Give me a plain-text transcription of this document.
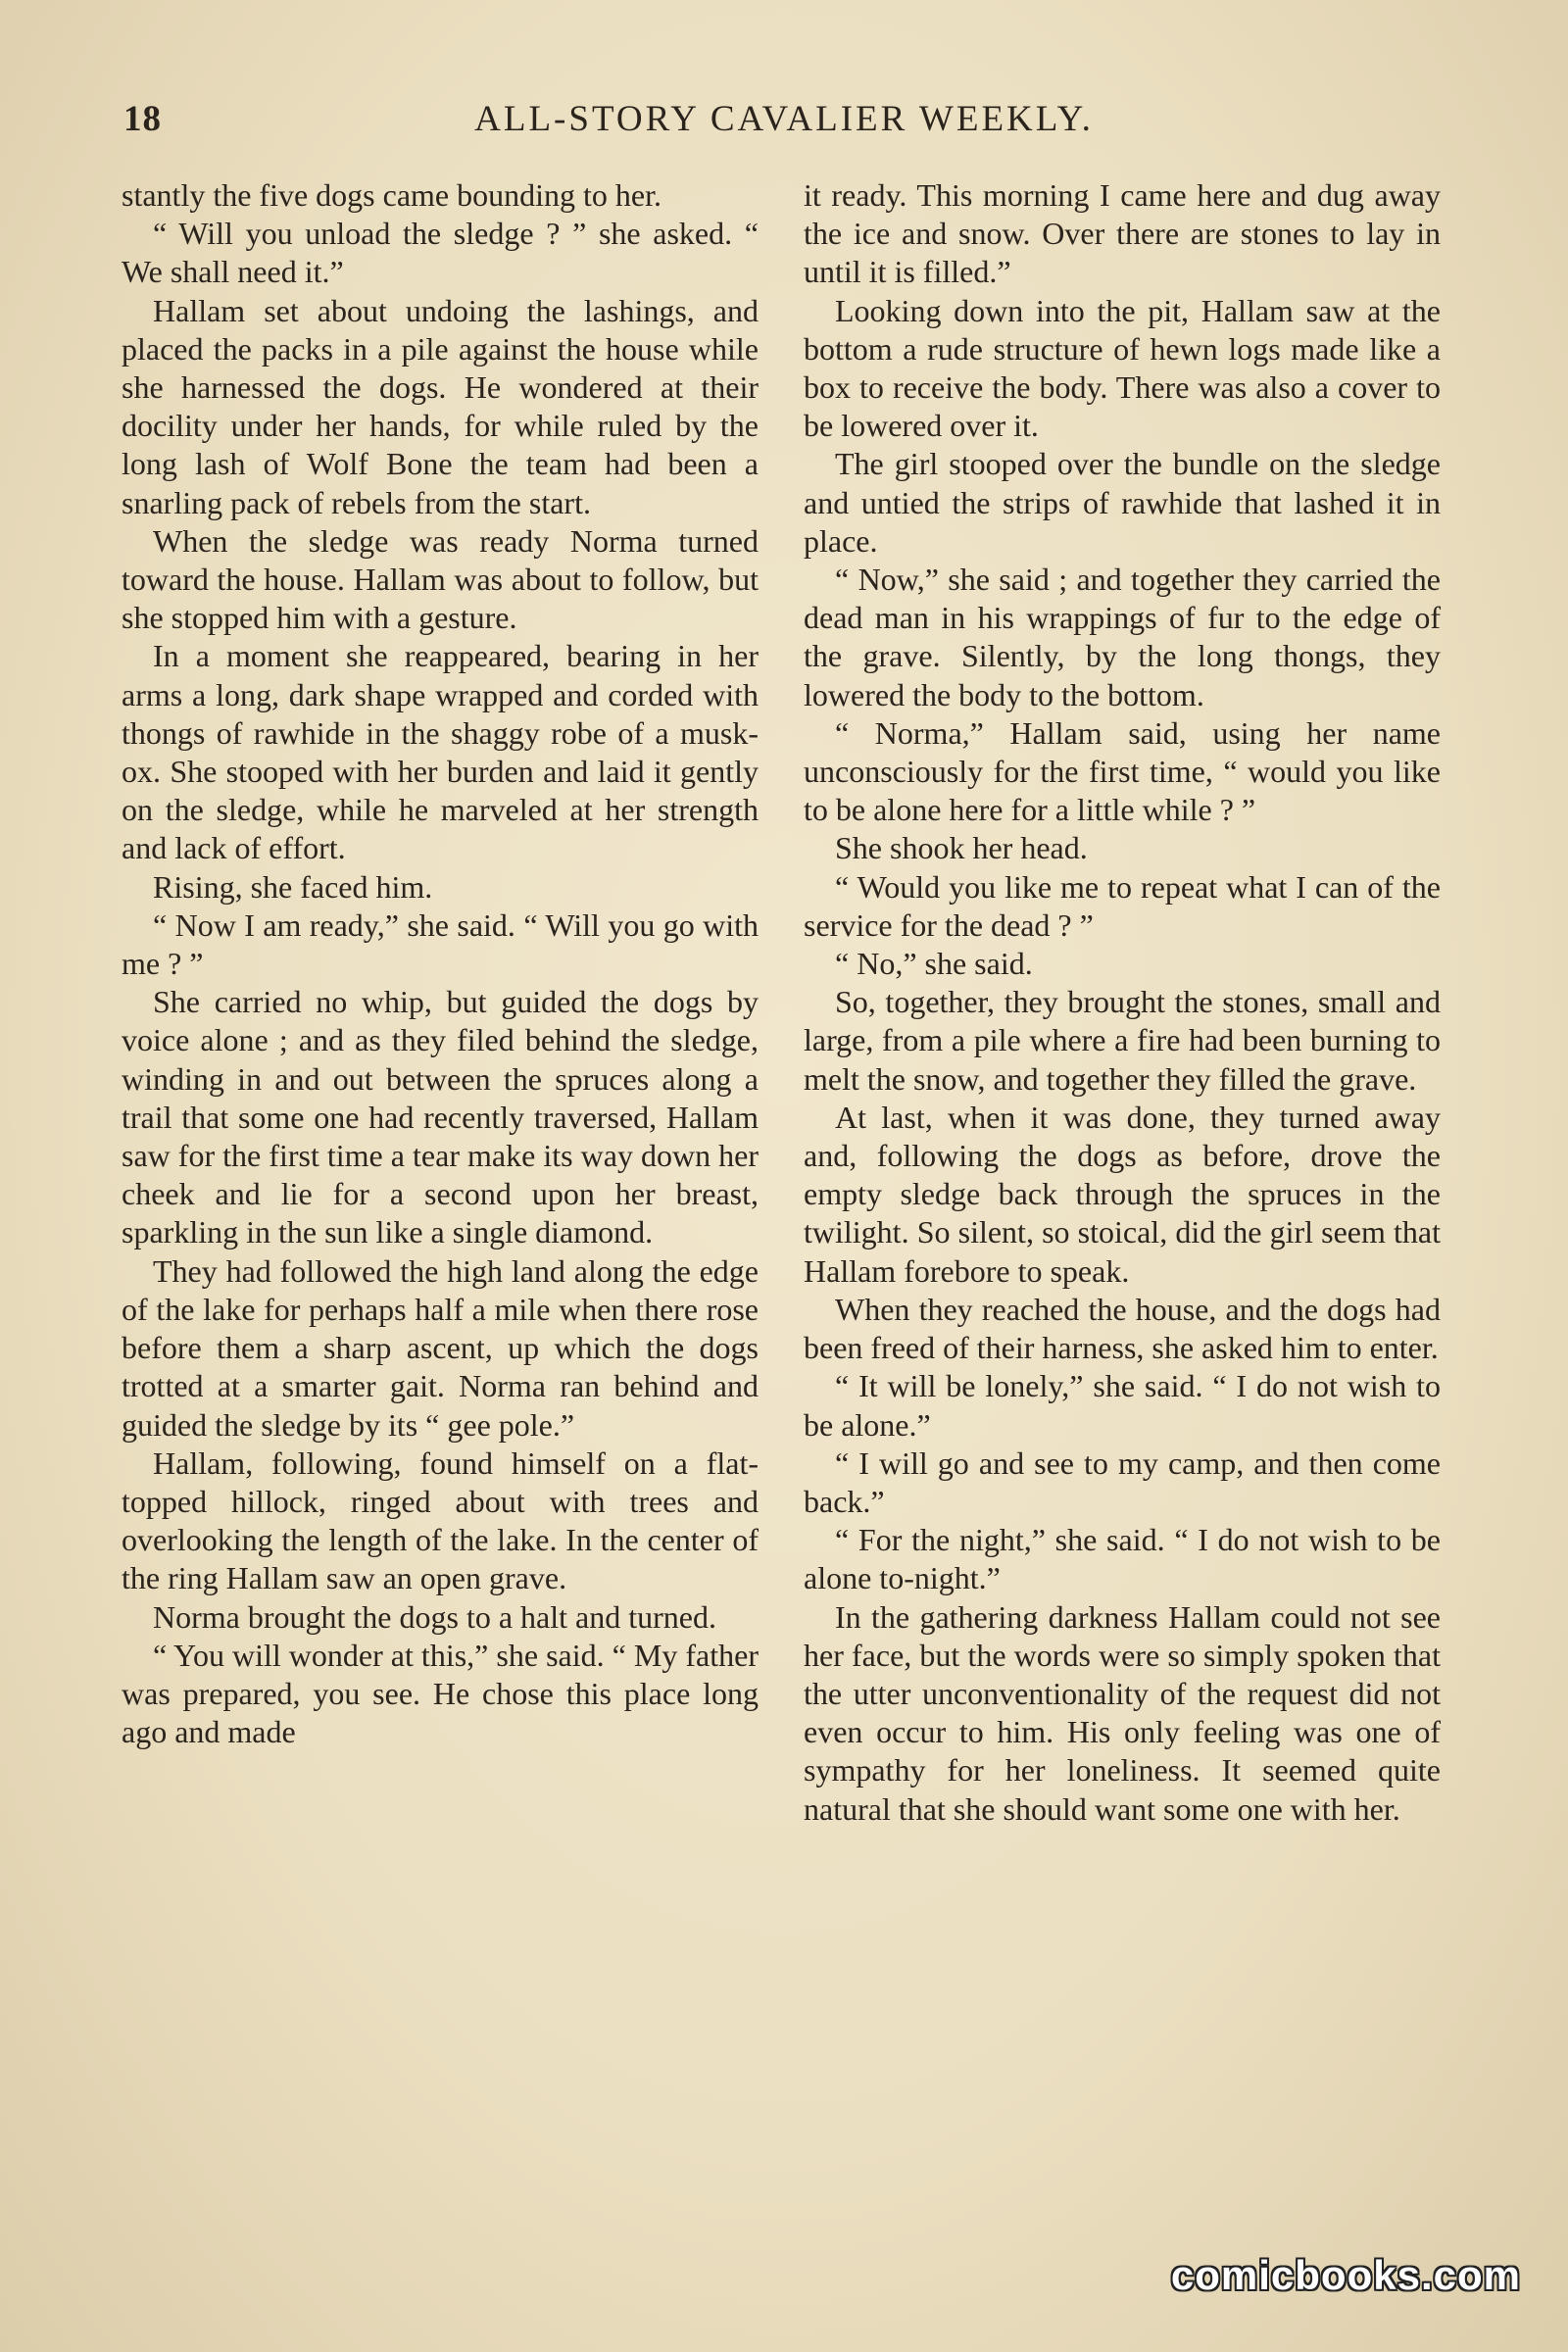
18	ALL-STORY CAVALIER WEEKLY.

stantly the five dogs came bounding to her.

“ Will you unload the sledge ? ” she asked. “ We shall need it.”

Hallam set about undoing the lashings, and placed the packs in a pile against the house while she harnessed the dogs. He wondered at their docility under her hands, for while ruled by the long lash of Wolf Bone the team had been a snarling pack of rebels from the start.

When the sledge was ready Norma turned toward the house. Hallam was about to follow, but she stopped him with a gesture.

In a moment she reappeared, bearing in her arms a long, dark shape wrapped and corded with thongs of rawhide in the shaggy robe of a musk-ox. She stooped with her burden and laid it gently on the sledge, while he marveled at her strength and lack of effort.

Rising, she faced him.

“ Now I am ready,” she said. “ Will you go with me ? ”

She carried no whip, but guided the dogs by voice alone ; and as they filed behind the sledge, winding in and out between the spruces along a trail that some one had recently traversed, Hallam saw for the first time a tear make its way down her cheek and lie for a second upon her breast, sparkling in the sun like a single diamond.

They had followed the high land along the edge of the lake for perhaps half a mile when there rose before them a sharp ascent, up which the dogs trotted at a smarter gait. Norma ran behind and guided the sledge by its “ gee pole.”

Hallam, following, found himself on a flat-topped hillock, ringed about with trees and overlooking the length of the lake. In the center of the ring Hallam saw an open grave.

Norma brought the dogs to a halt and turned.

“ You will wonder at this,” she said. “ My father was prepared, you see. He chose this place long ago and made

it ready. This morning I came here and dug away the ice and snow. Over there are stones to lay in until it is filled.”

Looking down into the pit, Hallam saw at the bottom a rude structure of hewn logs made like a box to receive the body. There was also a cover to be lowered over it.

The girl stooped over the bundle on the sledge and untied the strips of rawhide that lashed it in place.

“ Now,” she said ; and together they carried the dead man in his wrappings of fur to the edge of the grave. Silently, by the long thongs, they lowered the body to the bottom.

“ Norma,” Hallam said, using her name unconsciously for the first time, “ would you like to be alone here for a little while ? ”

She shook her head.

“ Would you like me to repeat what I can of the service for the dead ? ”

“ No,” she said.

So, together, they brought the stones, small and large, from a pile where a fire had been burning to melt the snow, and together they filled the grave.

At last, when it was done, they turned away and, following the dogs as before, drove the empty sledge back through the spruces in the twilight. So silent, so stoical, did the girl seem that Hallam forebore to speak.

When they reached the house, and the dogs had been freed of their harness, she asked him to enter.

“ It will be lonely,” she said. “ I do not wish to be alone.”

“ I will go and see to my camp, and then come back.”

“ For the night,” she said. “ I do not wish to be alone to-night.”

In the gathering darkness Hallam could not see her face, but the words were so simply spoken that the utter unconventionality of the request did not even occur to him. His only feeling was one of sympathy for her loneliness. It seemed quite natural that she should want some one with her.

comicbooks.com
